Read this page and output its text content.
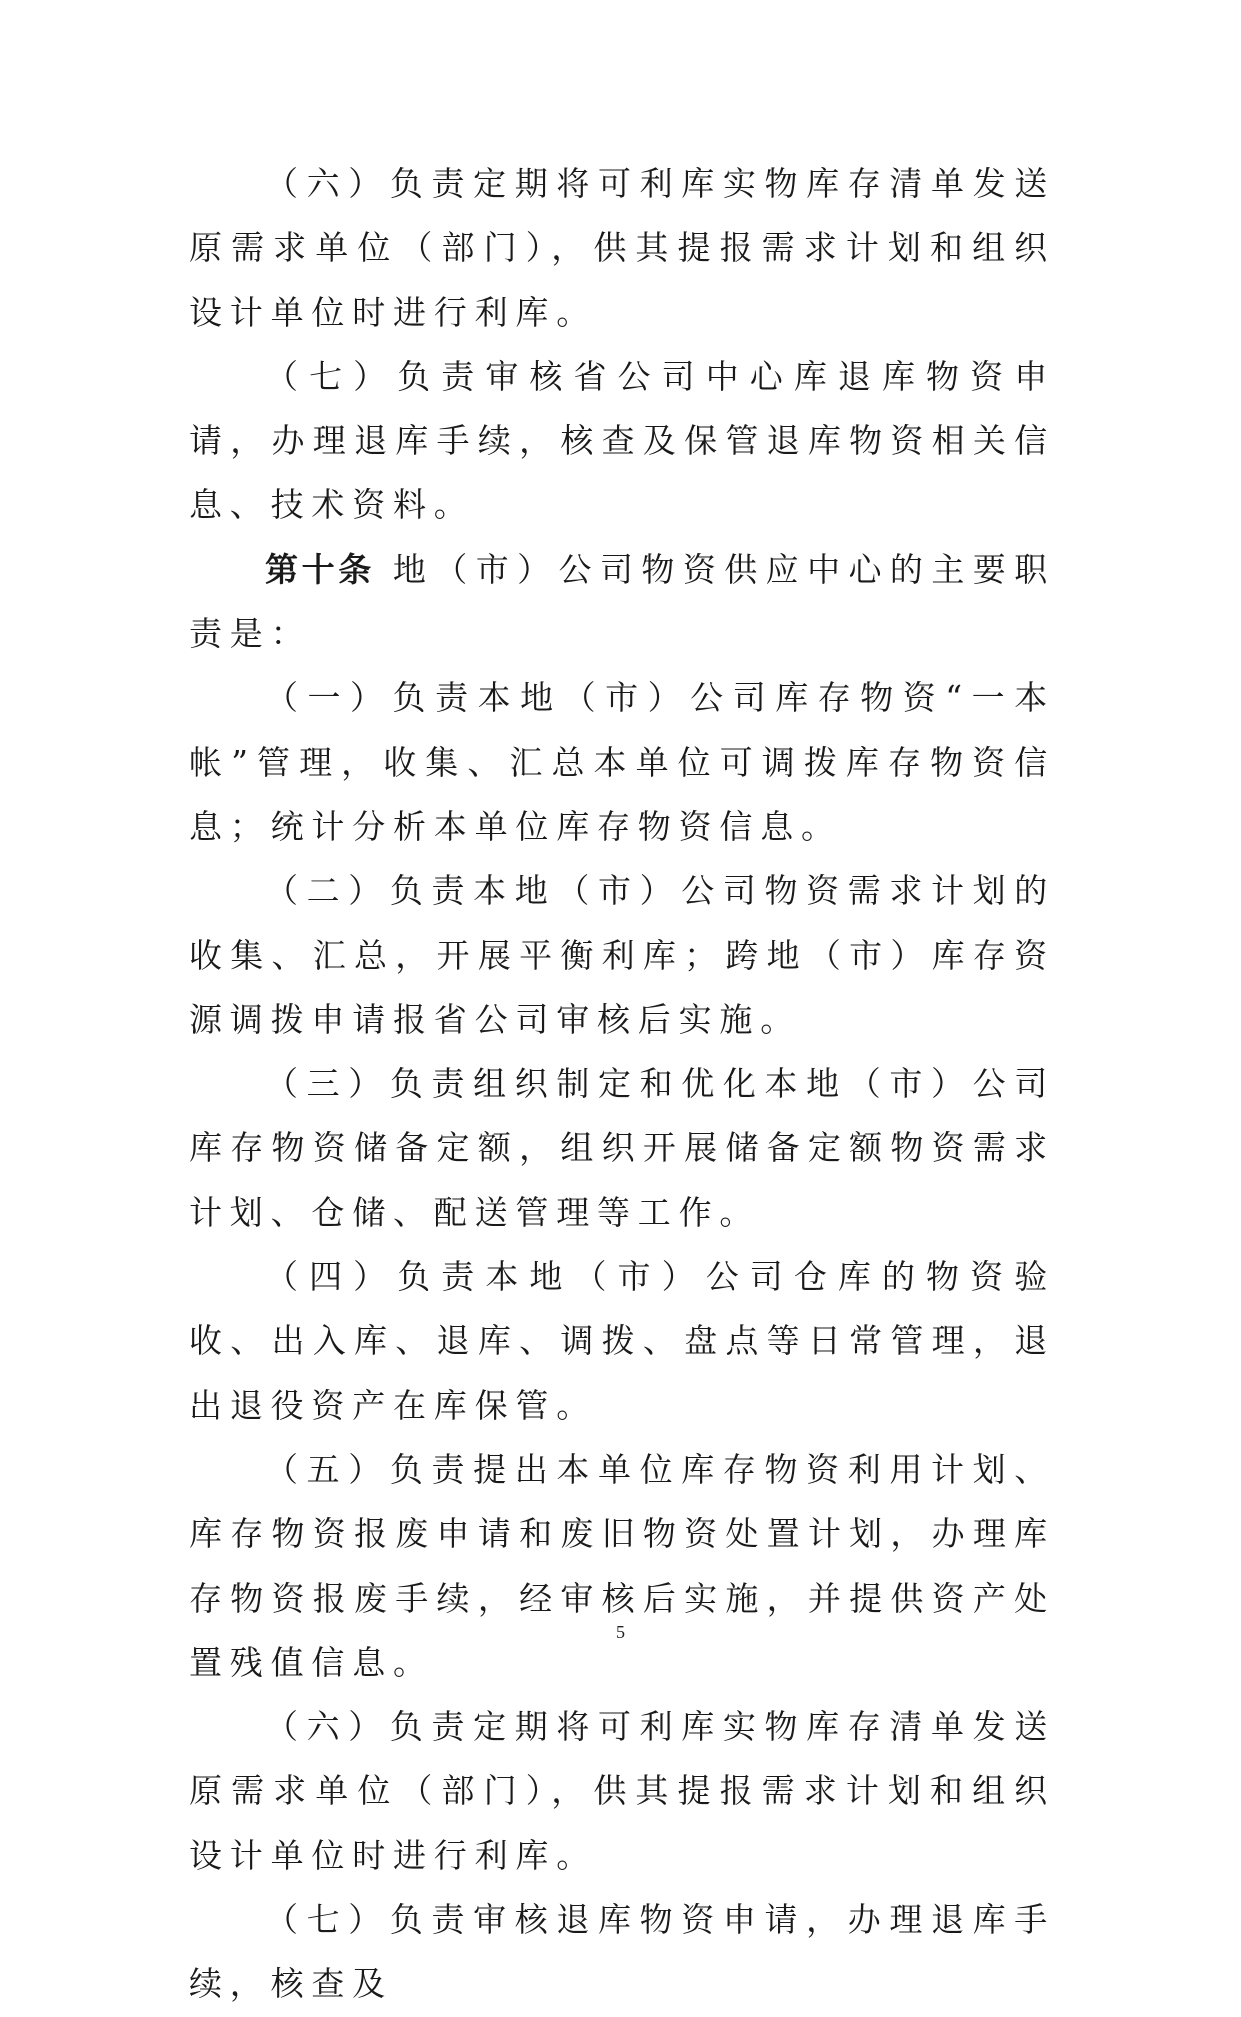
（六）负责定期将可利库实物库存清单发送原需求单位（部门），供其提报需求计划和组织设计单位时进行利库。

（七）负责审核省公司中心库退库物资申请，办理退库手续，核查及保管退库物资相关信息、技术资料。

第十条 地（市）公司物资供应中心的主要职责是：

（一）负责本地（市）公司库存物资“一本帐”管理，收集、汇总本单位可调拨库存物资信息；统计分析本单位库存物资信息。

（二）负责本地（市）公司物资需求计划的收集、汇总，开展平衡利库；跨地（市）库存资源调拨申请报省公司审核后实施。

（三）负责组织制定和优化本地（市）公司库存物资储备定额，组织开展储备定额物资需求计划、仓储、配送管理等工作。

（四）负责本地（市）公司仓库的物资验收、出入库、退库、调拨、盘点等日常管理，退出退役资产在库保管。

（五）负责提出本单位库存物资利用计划、库存物资报废申请和废旧物资处置计划，办理库存物资报废手续，经审核后实施，并提供资产处置残值信息。

（六）负责定期将可利库实物库存清单发送原需求单位（部门），供其提报需求计划和组织设计单位时进行利库。

（七）负责审核退库物资申请，办理退库手续，核查及

5
